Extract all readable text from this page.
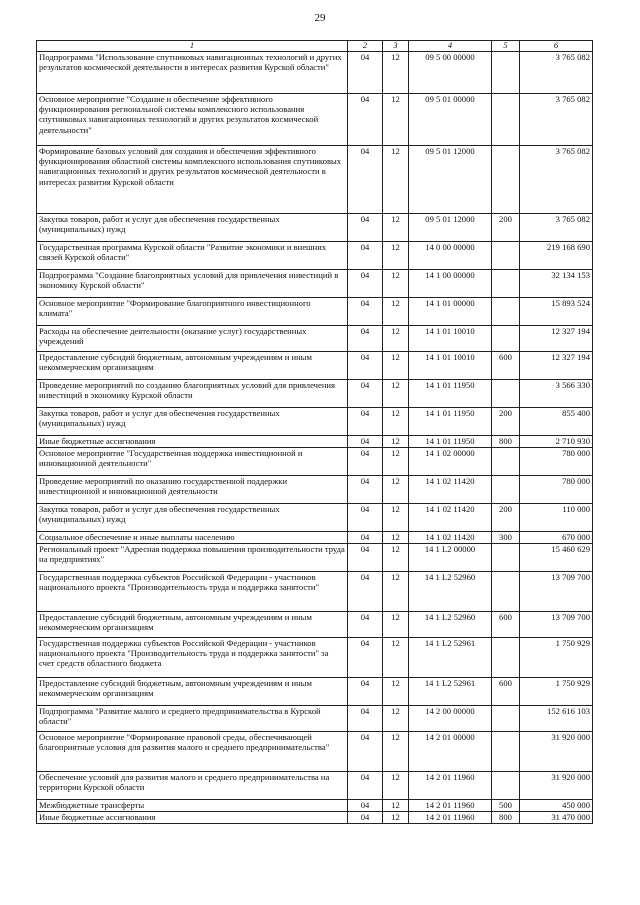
29
1	2	3	4	5	6
Подпрограмма "Использование спутниковых навигационных технологий и других результатов космической деятельности в интересах развития Курской области"	04	12	09 5 00 00000		3 765 082
Основное мероприятие "Создание и обеспечение эффективного функционирования региональной системы комплексного использования спутниковых навигационных технологий и других результатов космической деятельности"	04	12	09 5 01 00000		3 765 082
Формирование базовых условий для создания и обеспечения эффективного функционирования областной системы комплексного использования спутниковых навигационных технологий и других результатов космической деятельности в интересах развития Курской области	04	12	09 5 01 12000		3 765 082
Закупка товаров, работ и услуг для обеспечения государственных (муниципальных) нужд	04	12	09 5 01 12000	200	3 765 082
Государственная программа Курской области "Развитие экономики и внешних связей Курской области"	04	12	14 0 00 00000		219 168 690
Подпрограмма "Создание благоприятных условий для привлечения инвестиций в экономику Курской области"	04	12	14 1 00 00000		32 134 153
Основное мероприятие "Формирование благоприятного инвестиционного климата"	04	12	14 1 01 00000		15 893 524
Расходы на обеспечение деятельности (оказание услуг) государственных учреждений	04	12	14 1 01 10010		12 327 194
Предоставление субсидий бюджетным, автономным учреждениям и иным некоммерческим организациям	04	12	14 1 01 10010	600	12 327 194
Проведение мероприятий по созданию благоприятных условий для привлечения инвестиций в экономику Курской области	04	12	14 1 01 11950		3 566 330
Закупка товаров, работ и услуг для обеспечения государственных (муниципальных) нужд	04	12	14 1 01 11950	200	855 400
Иные бюджетные ассигнования	04	12	14 1 01 11950	800	2 710 930
Основное мероприятие "Государственная поддержка инвестиционной и инновационной деятельности"	04	12	14 1 02 00000		780 000
Проведение мероприятий по оказанию государственной поддержки инвестиционной и инновационной деятельности	04	12	14 1 02 11420		780 000
Закупка товаров, работ и услуг для обеспечения государственных (муниципальных) нужд	04	12	14 1 02 11420	200	110 000
Социальное обеспечение и иные выплаты населению	04	12	14 1 02 11420	300	670 000
Региональный проект "Адресная поддержка повышения производительности труда на предприятиях"	04	12	14 1 L2 00000		15 460 629
Государственная поддержка субъектов Российской Федерации - участников национального проекта "Производительность труда и поддержка занятости"	04	12	14 1 L2 52960		13 709 700
Предоставление субсидий бюджетным, автономным учреждениям и иным некоммерческим организациям	04	12	14 1 L2 52960	600	13 709 700
Государственная поддержка субъектов Российской Федерации - участников национального проекта "Производительность труда и поддержка занятости" за счет средств областного бюджета	04	12	14 1 L2 52961		1 750 929
Предоставление субсидий бюджетным, автономным учреждениям и иным некоммерческим организациям	04	12	14 1 L2 52961	600	1 750 929
Подпрограмма "Развитие малого и среднего предпринимательства в Курской области"	04	12	14 2 00 00000		152 616 103
Основное мероприятие "Формирование правовой среды, обеспечивающей благоприятные условия для развития малого и среднего предпринимательства"	04	12	14 2 01 00000		31 920 000
Обеспечение условий для развития малого и среднего предпринимательства на территории Курской области	04	12	14 2 01 11960		31 920 000
Межбюджетные трансферты	04	12	14 2 01 11960	500	450 000
Иные бюджетные ассигнования	04	12	14 2 01 11960	800	31 470 000
